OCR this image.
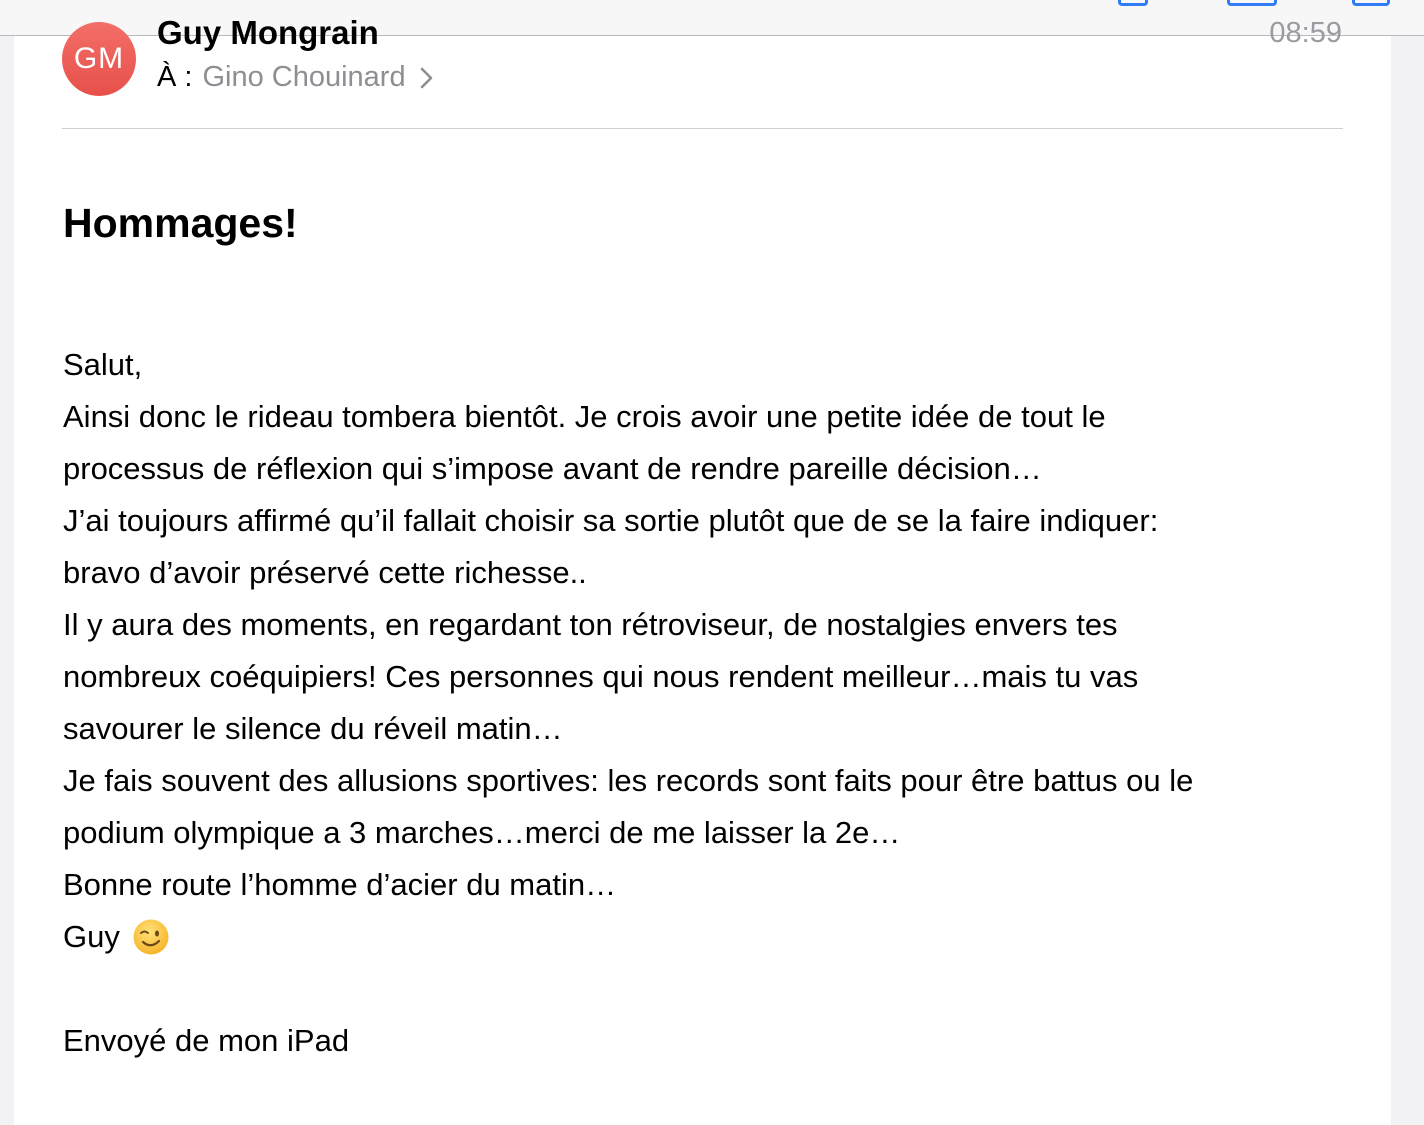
GM
Guy Mongrain	08:59
À : Gino Chouinard
Hommages!
Salut,
Ainsi donc le rideau tombera bientôt. Je crois avoir une petite idée de tout le
processus de réflexion qui s’impose avant de rendre pareille décision…
J’ai toujours affirmé qu’il fallait choisir sa sortie plutôt que de se la faire indiquer:
bravo d’avoir préservé cette richesse..
Il y aura des moments, en regardant ton rétroviseur, de nostalgies envers tes
nombreux coéquipiers! Ces personnes qui nous rendent meilleur…mais tu vas
savourer le silence du réveil matin…
Je fais souvent des allusions sportives: les records sont faits pour être battus ou le
podium olympique a 3 marches…merci de me laisser la 2e…
Bonne route l’homme d’acier du matin…
Guy
Envoyé de mon iPad
